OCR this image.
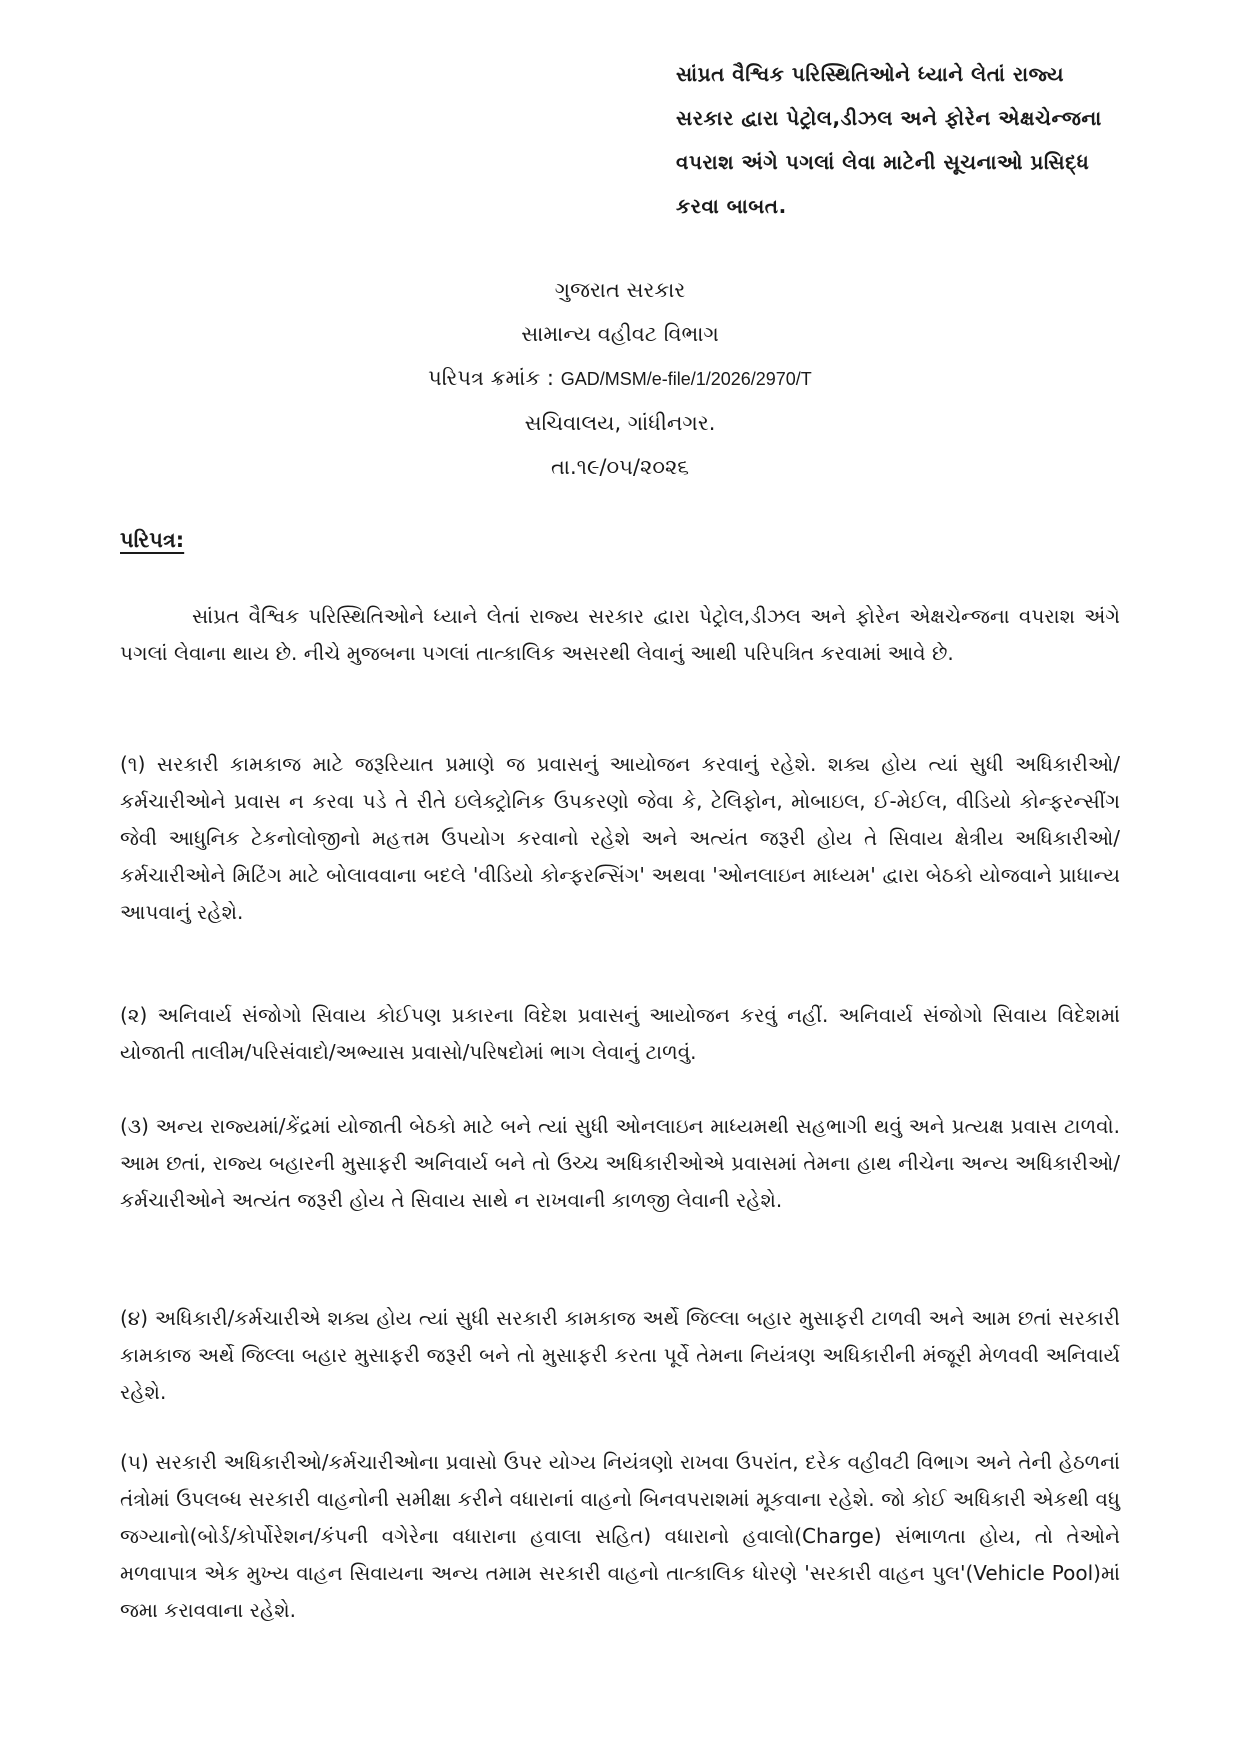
સાંપ્રત વૈશ્વિક પરિસ્થિતિઓને ધ્યાને લેતાં રાજ્ય
સરકાર દ્વારા પેટ્રોલ,ડીઝલ અને ફોરેન એક્ષચેન્જના
વપરાશ અંગે પગલાં લેવા માટેની સૂચનાઓ પ્રસિદ્ધ
કરવા બાબત.
ગુજરાત સરકાર
સામાન્ય વહીવટ વિભાગ
પરિપત્ર ક્રમાંક : GAD/MSM/e-file/1/2026/2970/T
સચિવાલય, ગાંધીનગર.
તા.૧૯/૦૫/૨૦૨૬
પરિપત્ર:
સાંપ્રત વૈશ્વિક પરિસ્થિતિઓને ધ્યાને લેતાં રાજ્ય સરકાર દ્વારા પેટ્રોલ,ડીઝલ અને ફોરેન એક્ષચેન્જના વપરાશ અંગે પગલાં લેવાના થાય છે. નીચે મુજબના પગલાં તાત્કાલિક અસરથી લેવાનું આથી પરિપત્રિત કરવામાં આવે છે.
(૧) સરકારી કામકાજ માટે જરૂરિયાત પ્રમાણે જ પ્રવાસનું આયોજન કરવાનું રહેશે. શક્ય હોય ત્યાં સુધી અધિકારીઓ/કર્મચારીઓને પ્રવાસ ન કરવા પડે તે રીતે ઇલેક્ટ્રોનિક ઉપકરણો જેવા કે, ટેલિફોન, મોબાઇલ, ઈ-મેઈલ, વીડિયો કોન્ફરન્સીંગ જેવી આધુનિક ટેકનોલોજીનો મહત્તમ ઉપયોગ કરવાનો રહેશે અને અત્યંત જરૂરી હોય તે સિવાય ક્ષેત્રીય અધિકારીઓ/કર્મચારીઓને મિટિંગ માટે બોલાવવાના બદલે 'વીડિયો કોન્ફરન્સિંગ' અથવા 'ઓનલાઇન માધ્યમ' દ્વારા બેઠકો યોજવાને પ્રાધાન્ય આપવાનું રહેશે.
(૨) અનિવાર્ય સંજોગો સિવાય કોઈપણ પ્રકારના વિદેશ પ્રવાસનું આયોજન કરવું નહીં. અનિવાર્ય સંજોગો સિવાય વિદેશમાં યોજાતી તાલીમ/પરિસંવાદો/અભ્યાસ પ્રવાસો/પરિષદોમાં ભાગ લેવાનું ટાળવું.
(૩) અન્ય રાજ્યમાં/કેંદ્રમાં યોજાતી બેઠકો માટે બને ત્યાં સુધી ઓનલાઇન માધ્યમથી સહભાગી થવું અને પ્રત્યક્ષ પ્રવાસ ટાળવો. આમ છતાં, રાજ્ય બહારની મુસાફરી અનિવાર્ય બને તો ઉચ્ચ અધિકારીઓએ પ્રવાસમાં તેમના હાથ નીચેના અન્ય અધિકારીઓ/કર્મચારીઓને અત્યંત જરૂરી હોય તે સિવાય સાથે ન રાખવાની કાળજી લેવાની રહેશે.
(૪) અધિકારી/કર્મચારીએ શક્ય હોય ત્યાં સુધી સરકારી કામકાજ અર્થે જિલ્લા બહાર મુસાફરી ટાળવી અને આમ છતાં સરકારી કામકાજ અર્થે જિલ્લા બહાર મુસાફરી જરૂરી બને તો મુસાફરી કરતા પૂર્વે તેમના નિયંત્રણ અધિકારીની મંજૂરી મેળવવી અનિવાર્ય રહેશે.
(૫) સરકારી અધિકારીઓ/કર્મચારીઓના પ્રવાસો ઉપર યોગ્ય નિયંત્રણો રાખવા ઉપરાંત, દરેક વહીવટી વિભાગ અને તેની હેઠળનાં તંત્રોમાં ઉપલબ્ધ સરકારી વાહનોની સમીક્ષા કરીને વધારાનાં વાહનો બિનવપરાશમાં મૂકવાના રહેશે. જો કોઈ અધિકારી એકથી વધુ જગ્યાનો(બોર્ડ/કોર્પોરેશન/કંપની વગેરેના વધારાના હવાલા સહિત) વધારાનો હવાલો(Charge) સંભાળતા હોય, તો તેઓને મળવાપાત્ર એક મુખ્ય વાહન સિવાયના અન્ય તમામ સરકારી વાહનો તાત્કાલિક ધોરણે 'સરકારી વાહન પુલ'(Vehicle Pool)માં જમા કરાવવાના રહેશે.
